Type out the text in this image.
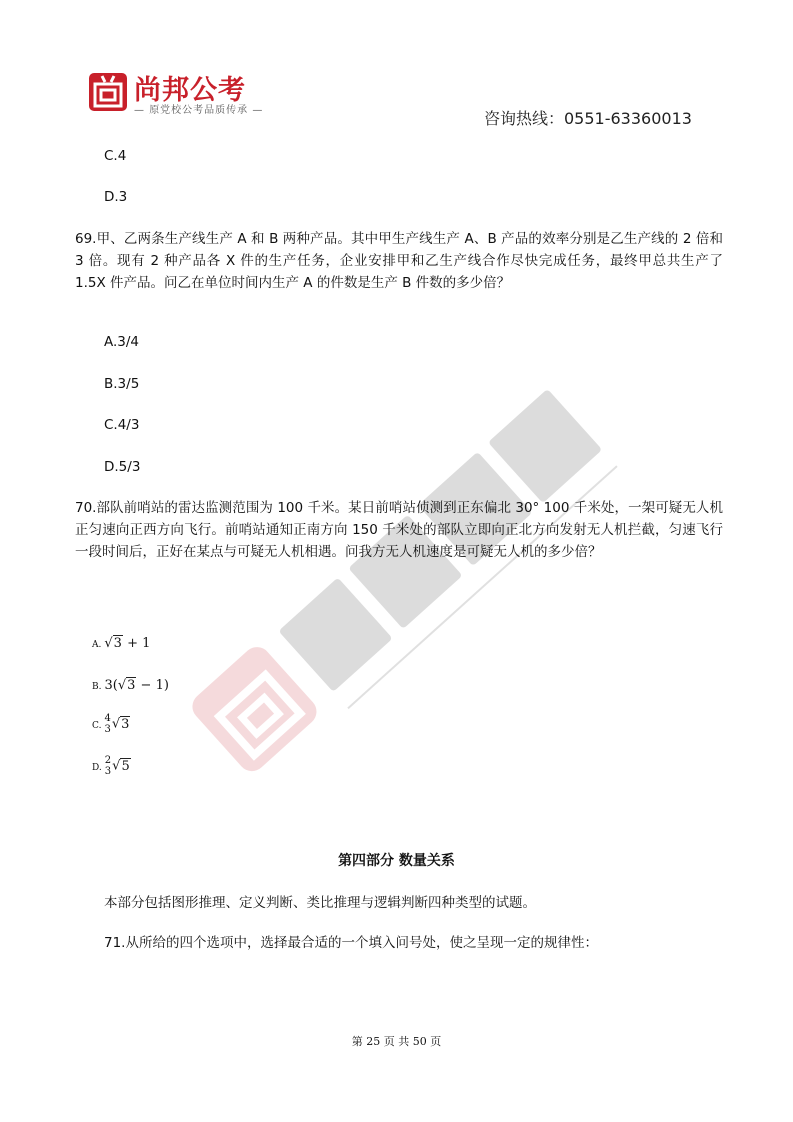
尚邦公考
— 原党校公考品质传承 —	咨询热线：0551-63360013
C.4
D.3
69.甲、乙两条生产线生产 A 和 B 两种产品。其中甲生产线生产 A、B 产品的效率分别是乙生产线的 2 倍和 3 倍。现有 2 种产品各 X 件的生产任务，企业安排甲和乙生产线合作尽快完成任务，最终甲总共生产了 1.5X 件产品。问乙在单位时间内生产 A 的件数是生产 B 件数的多少倍？
A.3/4
B.3/5
C.4/3
D.5/3
70.部队前哨站的雷达监测范围为 100 千米。某日前哨站侦测到正东偏北 30° 100 千米处，一架可疑无人机正匀速向正西方向飞行。前哨站通知正南方向 150 千米处的部队立即向正北方向发射无人机拦截，匀速飞行一段时间后，正好在某点与可疑无人机相遇。问我方无人机速度是可疑无人机的多少倍？
A. √3 + 1
B. 3(√3 − 1)
C.
4
3 √3
D.
2
3 √5
第四部分 数量关系
本部分包括图形推理、定义判断、类比推理与逻辑判断四种类型的试题。
71.从所给的四个选项中，选择最合适的一个填入问号处，使之呈现一定的规律性：
第 25 页 共 50 页
